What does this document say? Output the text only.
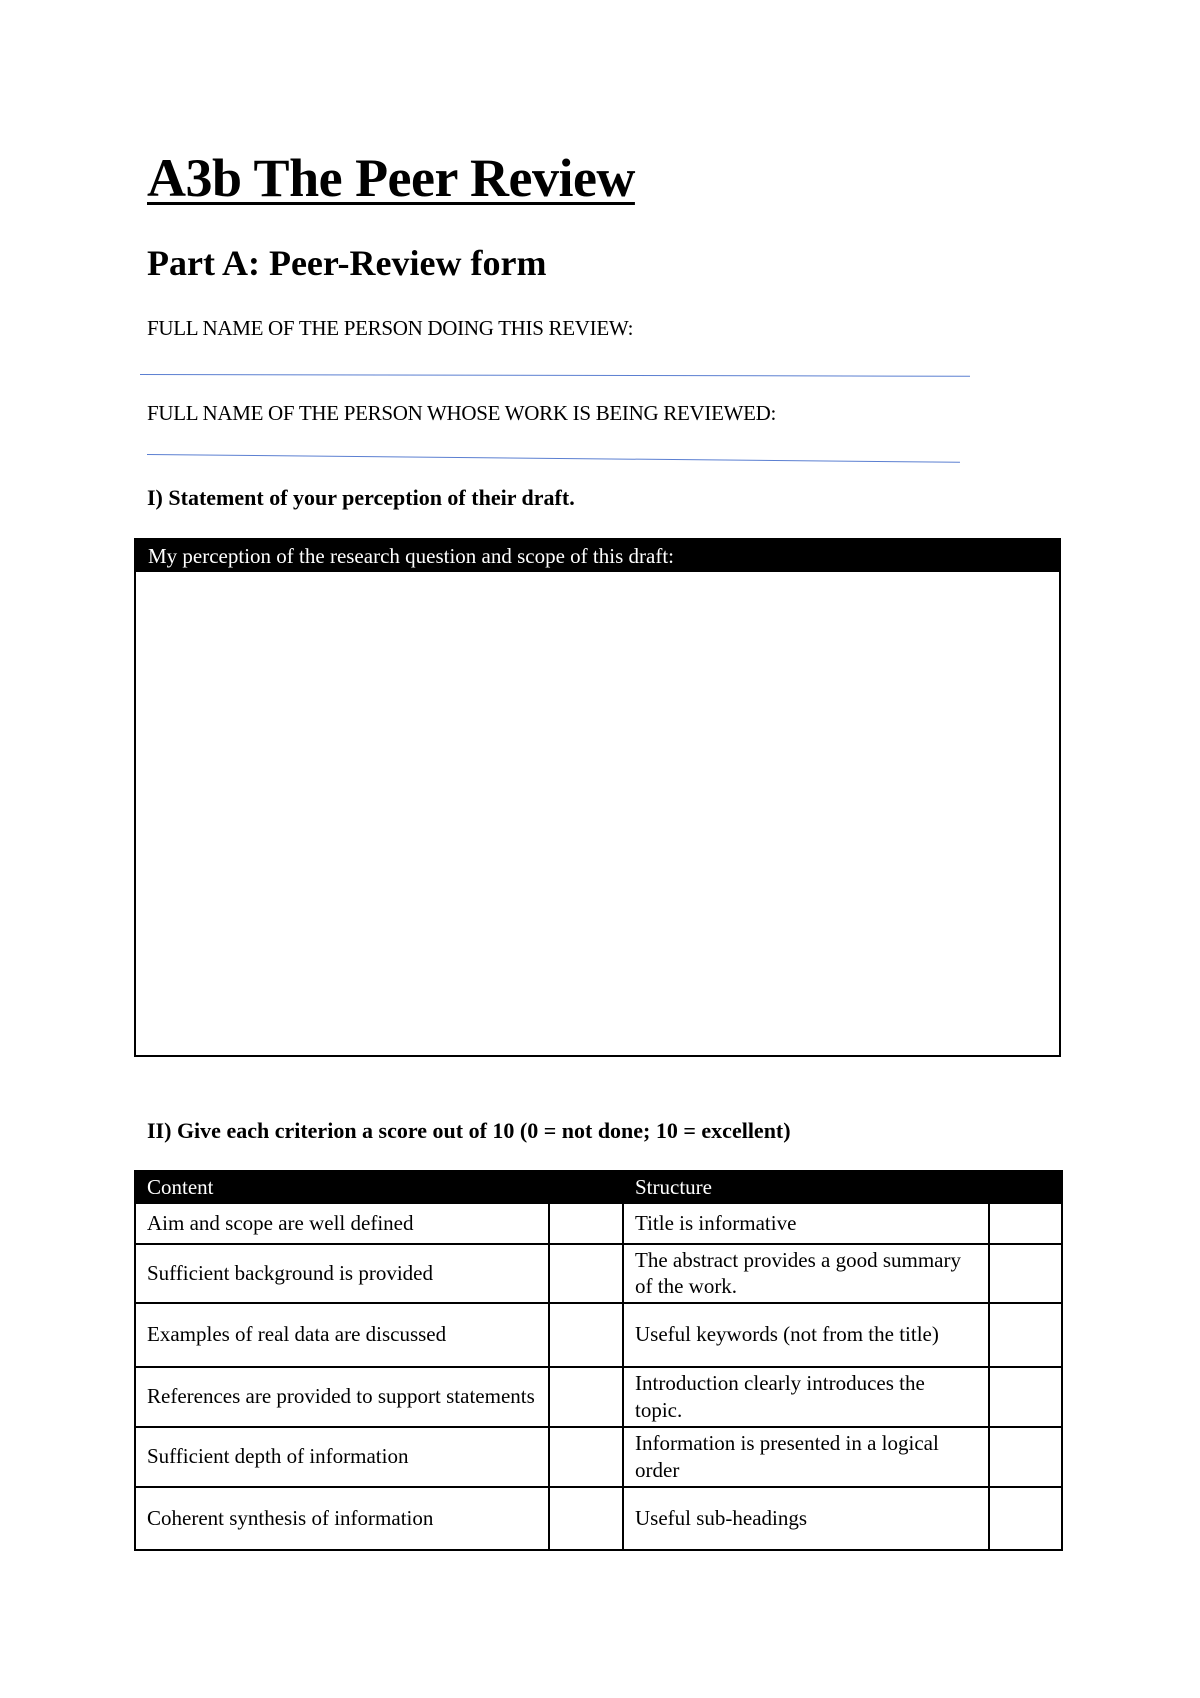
A3b The Peer Review
Part A: Peer-Review form

FULL NAME OF THE PERSON DOING THIS REVIEW:

FULL NAME OF THE PERSON WHOSE WORK IS BEING REVIEWED:

I) Statement of your perception of their draft.

My perception of the research question and scope of this draft:

II) Give each criterion a score out of 10 (0 = not done; 10 = excellent)

Content		Structure	
Aim and scope are well defined		Title is informative	
Sufficient background is provided		The abstract provides a good summary of the work.	
Examples of real data are discussed		Useful keywords (not from the title)	
References are provided to support statements		Introduction clearly introduces the topic.	
Sufficient depth of information		Information is presented in a logical order	
Coherent synthesis of information		Useful sub-headings	
